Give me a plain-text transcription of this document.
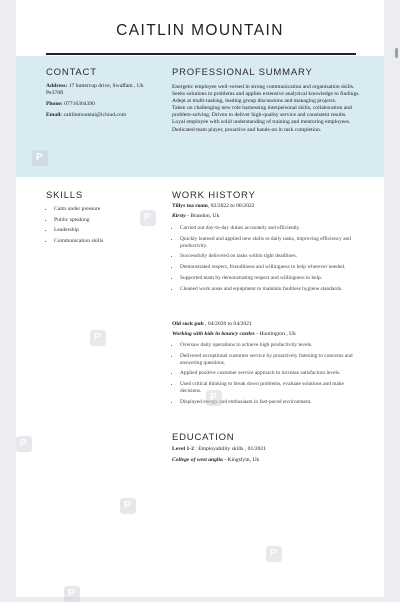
CAITLIN MOUNTAIN
CONTACT
Address: 17 buttercup drive, Swaffam , Uk Pe378fl
Phone: 07716364390
Email: caitlinmountai@icloud.com
PROFESSIONAL SUMMARY
Energetic employee well-versed in strong communication and organisation skills. Seeks solutions to problems and applies extensive analytical knowledge to findings. Adept at multi-tasking, leading group discussions and managing projects.
Taken on challenging new role harnessing interpersonal skills, collaboration and problem-solving. Driven to deliver high-quality service and consistent results.
Loyal employee with solid understanding of training and mentoring employees. Dedicated team player, proactive and hands-on in task completion.
SKILLS
• Calm under pressure
• Public speaking
• Leadership
• Communication skills
WORK HISTORY
Tillys tea room, 02/2022 to 06/2022
Kirsty - Brandon, Uk
• Carried out day-to-day duties accurately and efficiently.
• Quickly learned and applied new skills to daily tasks, improving efficiency and productivity.
• Successfully delivered on tasks within tight deadlines.
• Demonstrated respect, friendliness and willingness to help wherever needed.
• Supported team by demonstrating respect and willingness to help.
• Cleaned work areas and equipment to maintain faultless hygiene standards.
Old sock pub , 04/2020 to 04/2021
Working with kids in bouncy castles - Huntington , Uk
• Oversaw daily operations to achieve high productivity levels.
• Delivered exceptional customer service by proactively listening to concerns and answering questions.
• Applied positive customer service approach to increase satisfaction levels.
• Used critical thinking to break down problems, evaluate solutions and make decisions.
• Displayed energy and enthusiasm in fast-paced environment.
EDUCATION
Level 1-2 : Employability skills , 01/2021
College of west anglia - Kingslyin, Uk
P
P
P
P
P
P
P
P
